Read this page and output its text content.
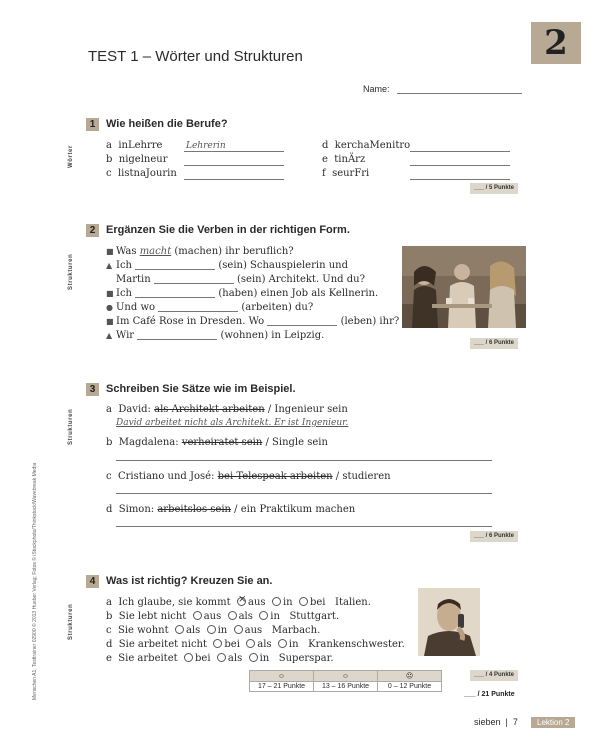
2
TEST 1 – Wörter und Strukturen
Name:
Menschen A1, Testtrainer 02900 © 2013 Hueber Verlag; Fotos © iStockphoto/Thinkstock/Wavebreak Media
1 Wie heißen die Berufe?
Wörter	a inLehrre	Lehrerin
b nigelneur
c listnaJourin
d kerchaMenitro
e tinÄrz
f seurFri
___ / 5 Punkte
2 Ergänzen Sie die Verben in der richtigen Form.
Strukturen
■ Was macht (machen) ihr beruflich?
▲ Ich	(sein) Schauspielerin und
Martin	(sein) Architekt. Und du?
■ Ich	(haben) einen Job als Kellnerin.
● Und wo	(arbeiten) du?
■ Im Café Rose in Dresden. Wo	(leben) ihr?
▲ Wir	(wohnen) in Leipzig.
___ / 6 Punkte
3 Schreiben Sie Sätze wie im Beispiel.
Strukturen	a David: als Architekt arbeiten / Ingenieur sein
David arbeitet nicht als Architekt. Er ist Ingenieur.
b Magdalena: verheiratet sein / Single sein
c Cristiano und José: bei Telespeak arbeiten / studieren
d Simon: arbeitslos sein / ein Praktikum machen
___ / 6 Punkte
4 Was ist richtig? Kreuzen Sie an.
Strukturen
a Ich glaube, sie kommt × aus in bei Italien.
b Sie lebt nicht aus als in Stuttgart.
c Sie wohnt als in aus Marbach.
d Sie arbeitet nicht bei als in Krankenschwester.
e Sie arbeitet bei als in Superspar.
___ / 4 Punkte
☺	☺	☹
17 – 21 Punkte	13 – 16 Punkte	0 – 12 Punkte
___ / 21 Punkte
sieben  |  7	Lektion 2
